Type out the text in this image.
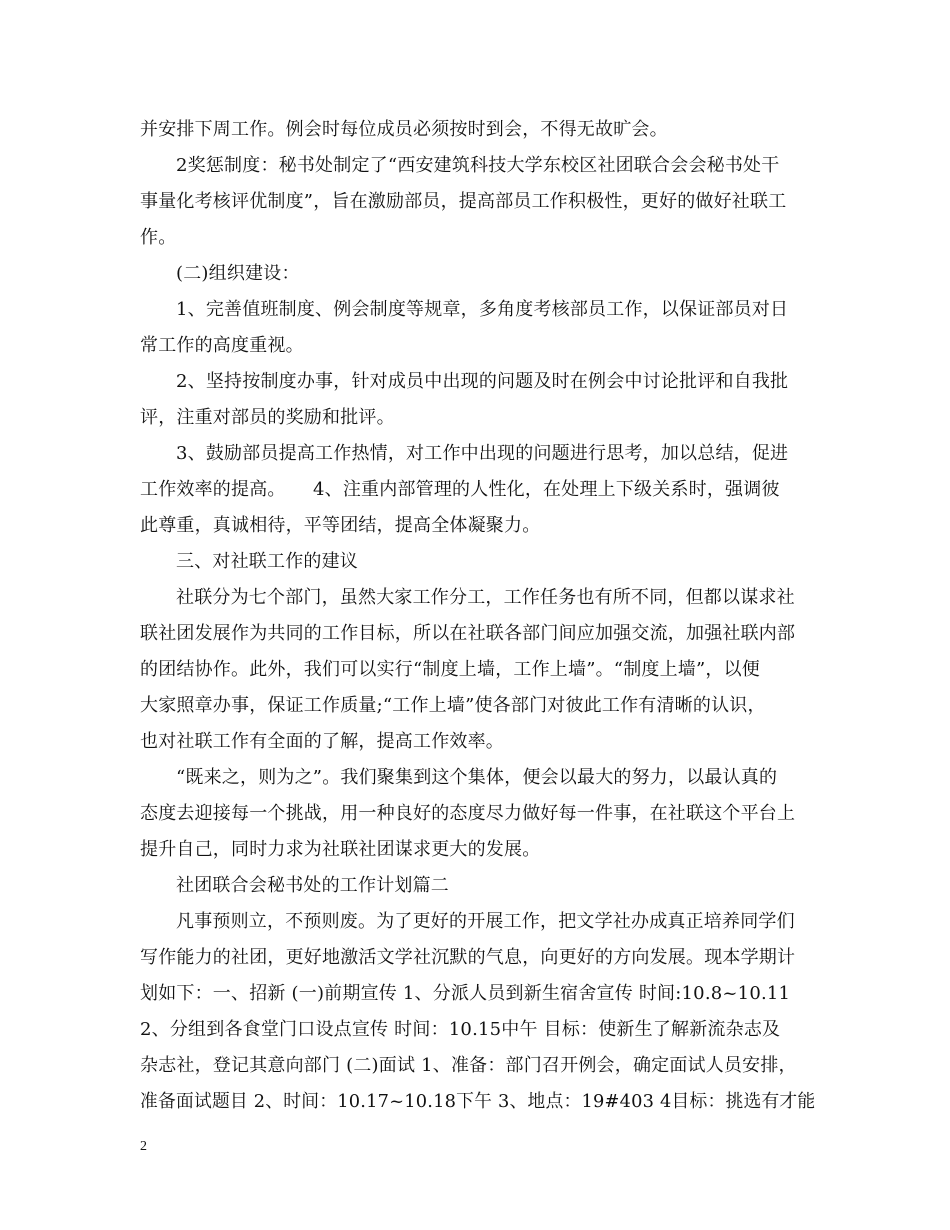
并安排下周工作。例会时每位成员必须按时到会，不得无故旷会。
2奖惩制度：秘书处制定了“西安建筑科技大学东校区社团联合会会秘书处干
事量化考核评优制度”，旨在激励部员，提高部员工作积极性，更好的做好社联工
作。
(二)组织建设：
1、完善值班制度、例会制度等规章，多角度考核部员工作，以保证部员对日
常工作的高度重视。
2、坚持按制度办事，针对成员中出现的问题及时在例会中讨论批评和自我批
评，注重对部员的奖励和批评。
3、鼓励部员提高工作热情，对工作中出现的问题进行思考，加以总结，促进
工作效率的提高。　　4、注重内部管理的人性化，在处理上下级关系时，强调彼
此尊重，真诚相待，平等团结，提高全体凝聚力。
三、对社联工作的建议
社联分为七个部门，虽然大家工作分工，工作任务也有所不同，但都以谋求社
联社团发展作为共同的工作目标，所以在社联各部门间应加强交流，加强社联内部
的团结协作。此外，我们可以实行“制度上墙，工作上墙”。“制度上墙”，以便
大家照章办事，保证工作质量;“工作上墙”使各部门对彼此工作有清晰的认识，
也对社联工作有全面的了解，提高工作效率。
“既来之，则为之”。我们聚集到这个集体，便会以最大的努力，以最认真的
态度去迎接每一个挑战，用一种良好的态度尽力做好每一件事，在社联这个平台上
提升自己，同时力求为社联社团谋求更大的发展。
社团联合会秘书处的工作计划篇二
凡事预则立，不预则废。为了更好的开展工作，把文学社办成真正培养同学们
写作能力的社团，更好地激活文学社沉默的气息，向更好的方向发展。现本学期计
划如下：一、招新 (一)前期宣传 1、分派人员到新生宿舍宣传 时间:10.8~10.11
2、分组到各食堂门口设点宣传 时间：10.15中午 目标：使新生了解新流杂志及
杂志社，登记其意向部门 (二)面试 1、准备：部门召开例会，确定面试人员安排，
准备面试题目 2、时间：10.17~10.18下午 3、地点：19#403 4目标：挑选有才能
2
